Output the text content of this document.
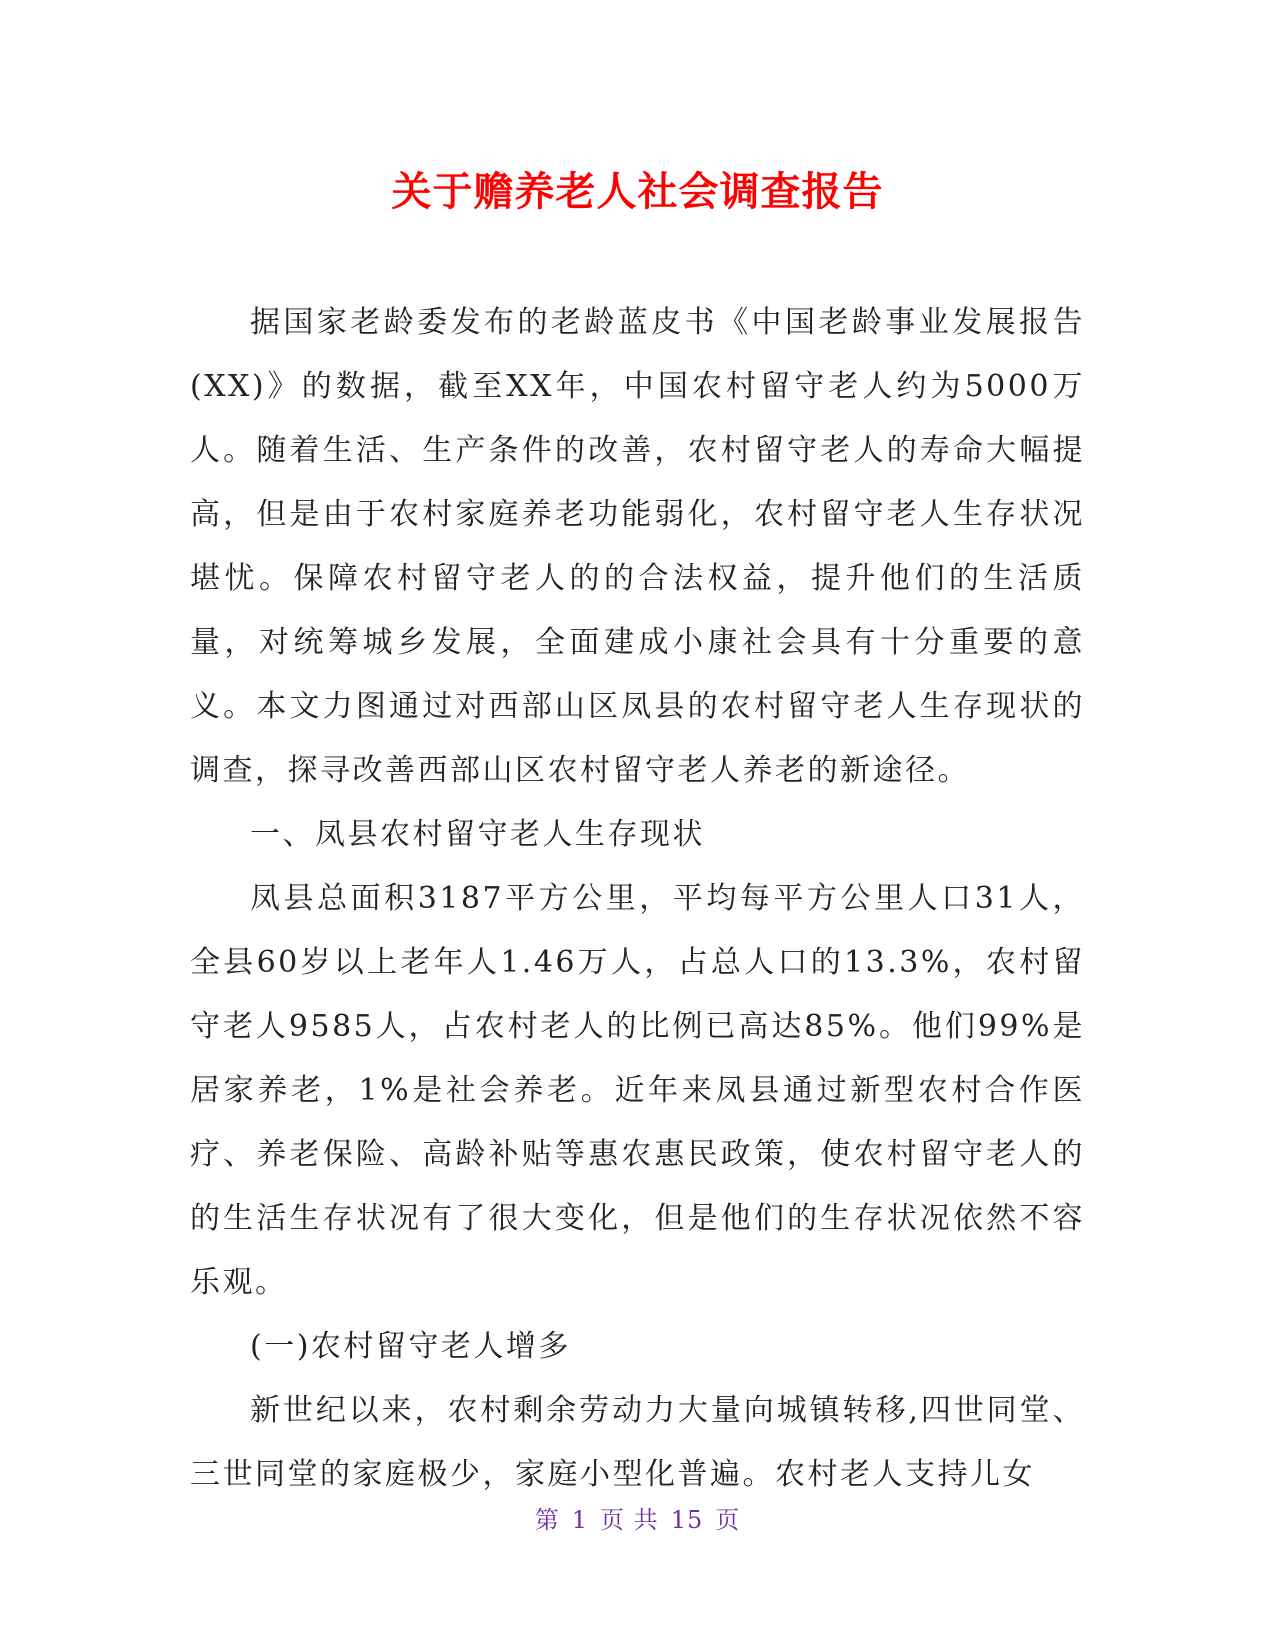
关于赡养老人社会调查报告

据国家老龄委发布的老龄蓝皮书《中国老龄事业发展报告(XX)》的数据，截至XX年，中国农村留守老人约为5000万人。随着生活、生产条件的改善，农村留守老人的寿命大幅提高，但是由于农村家庭养老功能弱化，农村留守老人生存状况堪忧。保障农村留守老人的的合法权益，提升他们的生活质量，对统筹城乡发展，全面建成小康社会具有十分重要的意义。本文力图通过对西部山区凤县的农村留守老人生存现状的调查，探寻改善西部山区农村留守老人养老的新途径。

一、凤县农村留守老人生存现状

凤县总面积3187平方公里，平均每平方公里人口31人，全县60岁以上老年人1.46万人，占总人口的13.3%，农村留守老人9585人，占农村老人的比例已高达85%。他们99%是居家养老，1%是社会养老。近年来凤县通过新型农村合作医疗、养老保险、高龄补贴等惠农惠民政策，使农村留守老人的的生活生存状况有了很大变化，但是他们的生存状况依然不容乐观。

(一)农村留守老人增多

新世纪以来，农村剩余劳动力大量向城镇转移,四世同堂、三世同堂的家庭极少，家庭小型化普遍。农村老人支持儿女

第 1 页 共 15 页
